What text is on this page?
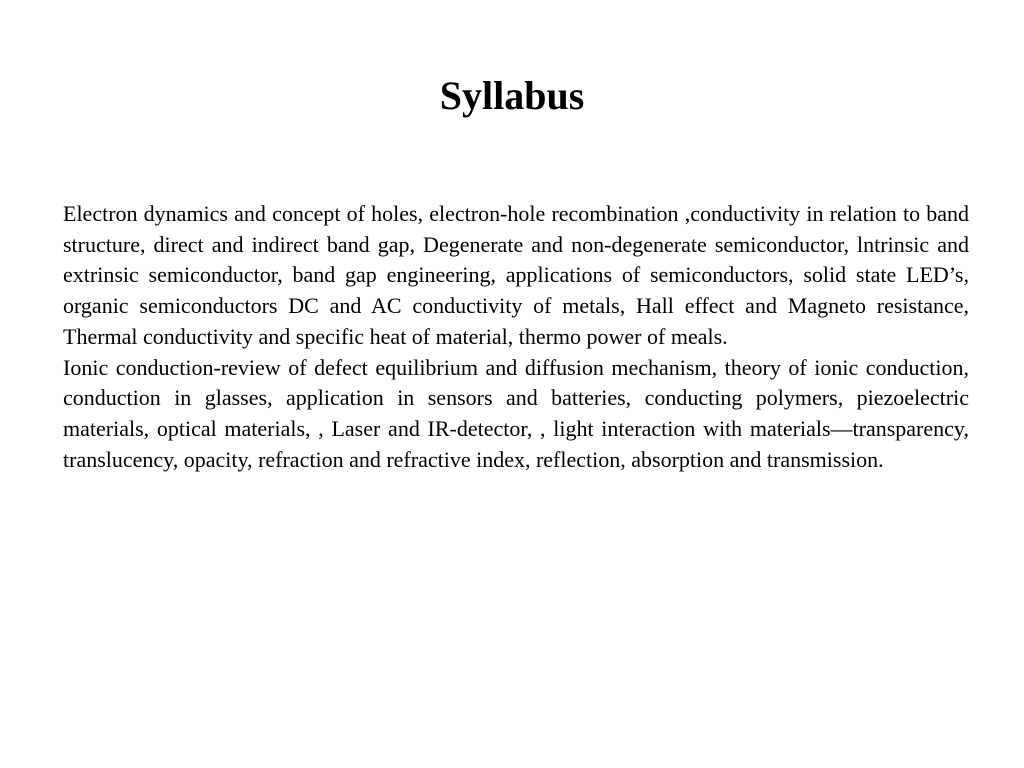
Syllabus

Electron dynamics and concept of holes, electron-hole recombination ,conductivity in relation to band structure, direct and indirect band gap, Degenerate and non-degenerate semiconductor, lntrinsic and extrinsic semiconductor, band gap engineering, applications of semiconductors, solid state LED’s, organic semiconductors DC and AC conductivity of metals, Hall effect and Magneto resistance, Thermal conductivity and specific heat of material, thermo power of meals.

Ionic conduction-review of defect equilibrium and diffusion mechanism, theory of ionic conduction, conduction in glasses, application in sensors and batteries, conducting polymers, piezoelectric materials, optical materials, , Laser and IR-detector, , light interaction with materials—transparency, translucency, opacity, refraction and refractive index, reflection, absorption and transmission.
